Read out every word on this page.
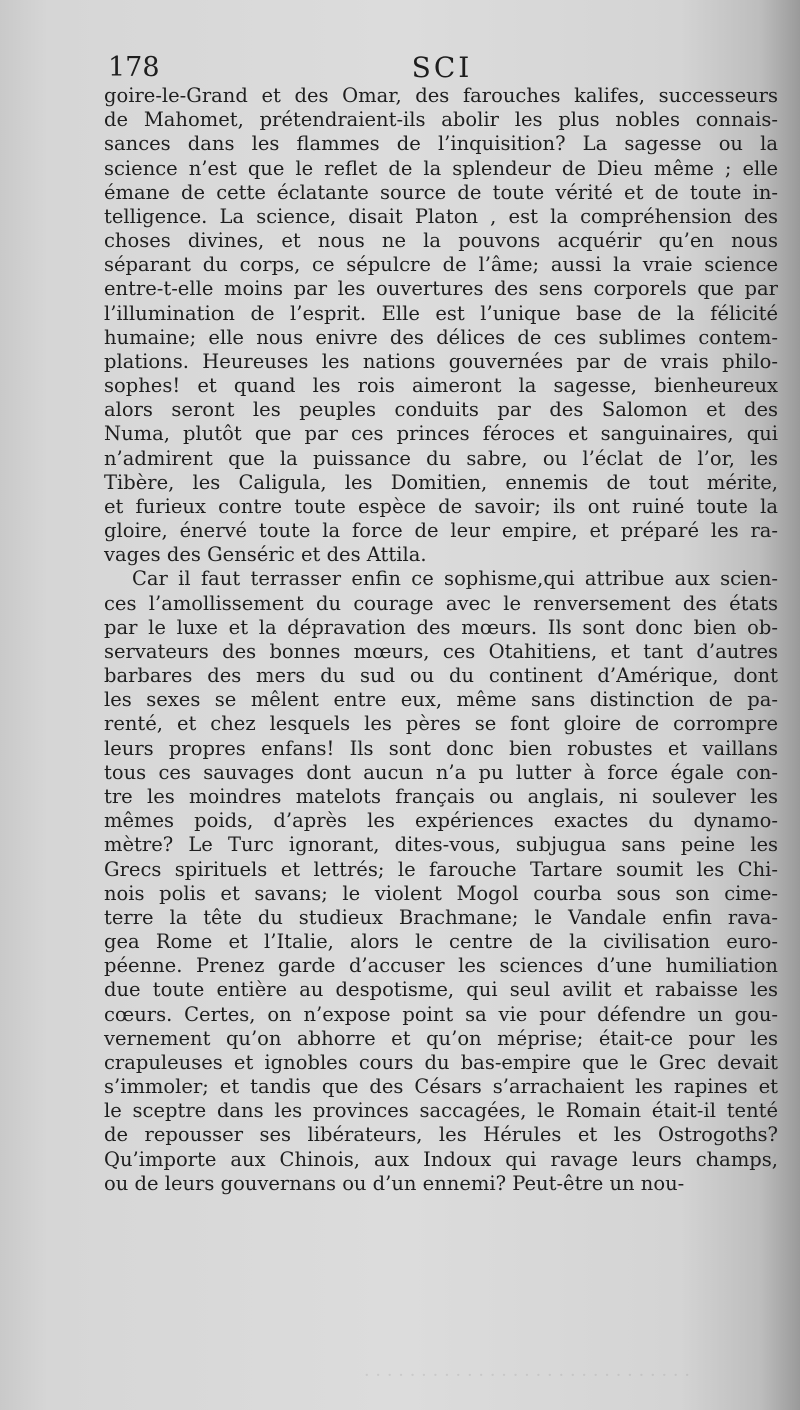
178	SCI
goire-le-Grand et des Omar, des farouches kalifes, successeurs
de Mahomet, prétendraient-ils abolir les plus nobles connais-
sances dans les flammes de l’inquisition? La sagesse ou la
science n’est que le reflet de la splendeur de Dieu même ; elle
émane de cette éclatante source de toute vérité et de toute in-
telligence. La science, disait Platon , est la compréhension des
choses divines, et nous ne la pouvons acquérir qu’en nous
séparant du corps, ce sépulcre de l’âme; aussi la vraie science
entre-t-elle moins par les ouvertures des sens corporels que par
l’illumination de l’esprit. Elle est l’unique base de la félicité
humaine; elle nous enivre des délices de ces sublimes contem-
plations. Heureuses les nations gouvernées par de vrais philo-
sophes! et quand les rois aimeront la sagesse, bienheureux
alors seront les peuples conduits par des Salomon et des
Numa, plutôt que par ces princes féroces et sanguinaires, qui
n’admirent que la puissance du sabre, ou l’éclat de l’or, les
Tibère, les Caligula, les Domitien, ennemis de tout mérite,
et furieux contre toute espèce de savoir; ils ont ruiné toute la
gloire, énervé toute la force de leur empire, et préparé les ra-
vages des Genséric et des Attila.
Car il faut terrasser enfin ce sophisme,qui attribue aux scien-
ces l’amollissement du courage avec le renversement des états
par le luxe et la dépravation des mœurs. Ils sont donc bien ob-
servateurs des bonnes mœurs, ces Otahitiens, et tant d’autres
barbares des mers du sud ou du continent d’Amérique, dont
les sexes se mêlent entre eux, même sans distinction de pa-
renté, et chez lesquels les pères se font gloire de corrompre
leurs propres enfans! Ils sont donc bien robustes et vaillans
tous ces sauvages dont aucun n’a pu lutter à force égale con-
tre les moindres matelots français ou anglais, ni soulever les
mêmes poids, d’après les expériences exactes du dynamo-
mètre? Le Turc ignorant, dites-vous, subjugua sans peine les
Grecs spirituels et lettrés; le farouche Tartare soumit les Chi-
nois polis et savans; le violent Mogol courba sous son cime-
terre la tête du studieux Brachmane; le Vandale enfin rava-
gea Rome et l’Italie, alors le centre de la civilisation euro-
péenne. Prenez garde d’accuser les sciences d’une humiliation
due toute entière au despotisme, qui seul avilit et rabaisse les
cœurs. Certes, on n’expose point sa vie pour défendre un gou-
vernement qu’on abhorre et qu’on méprise; était-ce pour les
crapuleuses et ignobles cours du bas-empire que le Grec devait
s’immoler; et tandis que des Césars s’arrachaient les rapines et
le sceptre dans les provinces saccagées, le Romain était-il tenté
de repousser ses libérateurs, les Hérules et les Ostrogoths?
Qu’importe aux Chinois, aux Indoux qui ravage leurs champs,
ou de leurs gouvernans ou d’un ennemi? Peut-être un nou-
· · · · · · · · · · · · · · · · · · · · · · · · · · · · ·
